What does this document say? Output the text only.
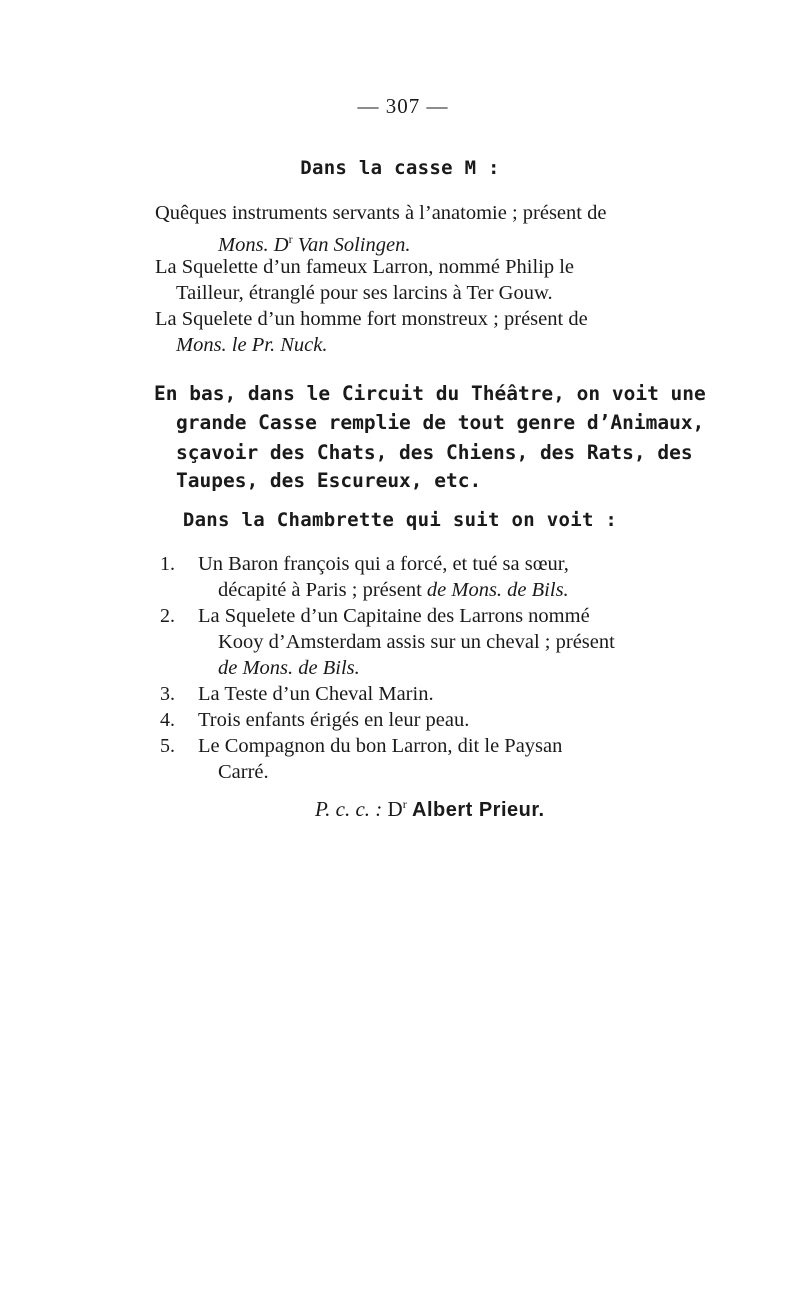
— 307 —
Dans la casse M :
Quêques instruments servants à l’anatomie ; présent de
Mons. $D^r$ Van Solingen.
La Squelette d’un fameux Larron, nommé Philip le
Tailleur, étranglé pour ses larcins à Ter Gouw.
La Squelete d’un homme fort monstreux ; présent de
Mons. le Pr. Nuck.
En bas, dans le Circuit du Théâtre, on voit une
grande Casse remplie de tout genre d’Animaux,
sçavoir des Chats, des Chiens, des Rats, des
Taupes, des Escureux, etc.
Dans la Chambrette qui suit on voit :
1. Un Baron françois qui a forcé, et tué sa sœur,
décapité à Paris ; présent de Mons. de Bils.
2. La Squelete d’un Capitaine des Larrons nommé
Kooy d’Amsterdam assis sur un cheval ; présent
de Mons. de Bils.
3. La Teste d’un Cheval Marin.
4. Trois enfants érigés en leur peau.
5. Le Compagnon du bon Larron, dit le Paysan
Carré.
P. c. c. : $D^r$ Albert Prieur.
